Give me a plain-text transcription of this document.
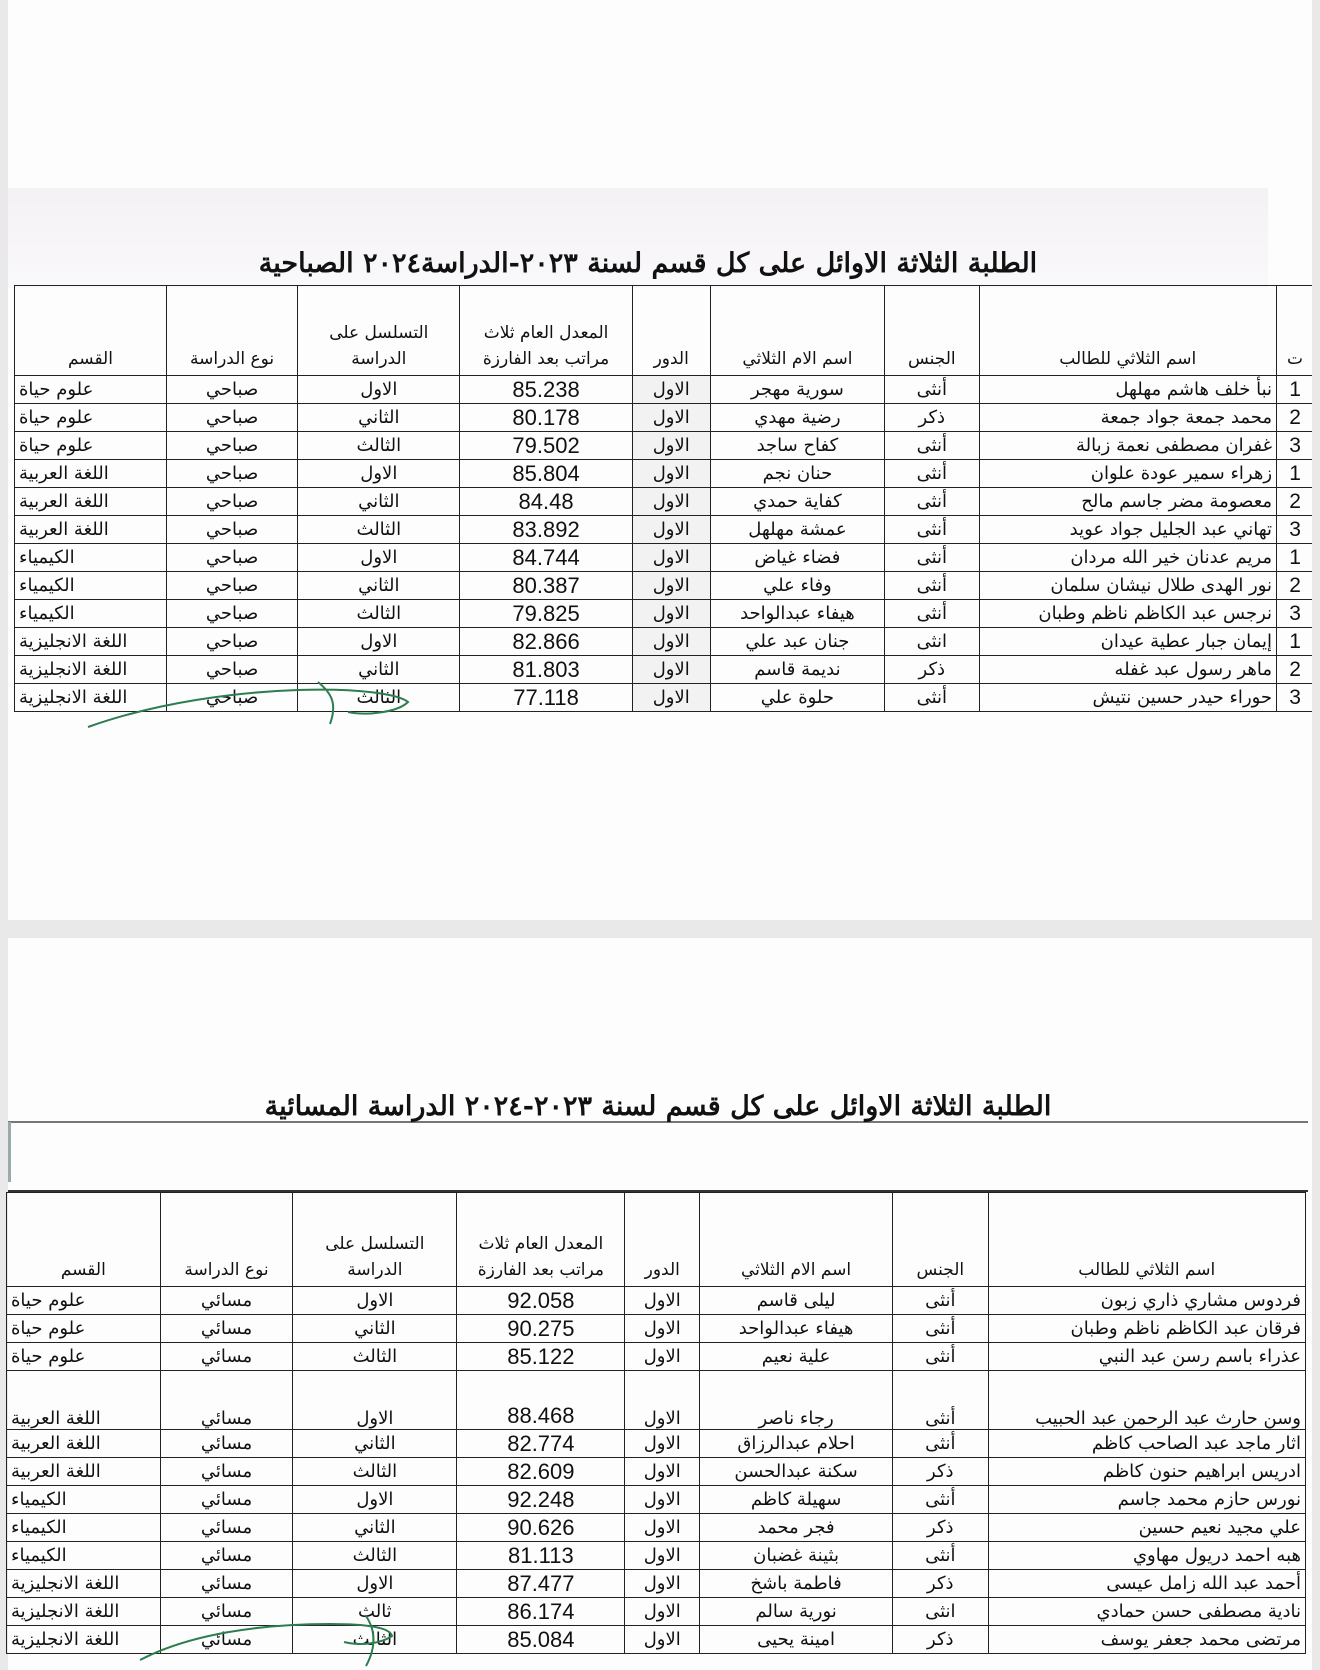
الطلبة الثلاثة الاوائل على كل قسم لسنة ٢٠٢٣-الدراسة٢٠٢٤ الصباحية
ت	اسم الثلاثي للطالب	الجنس	اسم الام الثلاثي	الدور	المعدل العام ثلاث مراتب بعد الفارزة	التسلسل على الدراسة	نوع الدراسة	القسم
1	نبأ خلف هاشم مهلهل	أنثى	سورية مهجر	الاول	85.238	الاول	صباحي	علوم حياة
2	محمد جمعة جواد جمعة	ذكر	رضية مهدي	الاول	80.178	الثاني	صباحي	علوم حياة
3	غفران مصطفى نعمة زبالة	أنثى	كفاح ساجد	الاول	79.502	الثالث	صباحي	علوم حياة
1	زهراء سمير عودة علوان	أنثى	حنان نجم	الاول	85.804	الاول	صباحي	اللغة العربية
2	معصومة مضر جاسم مالح	أنثى	كفاية حمدي	الاول	84.48	الثاني	صباحي	اللغة العربية
3	تهاني عبد الجليل جواد عويد	أنثى	عمشة مهلهل	الاول	83.892	الثالث	صباحي	اللغة العربية
1	مريم عدنان خير الله مردان	أنثى	فضاء غياض	الاول	84.744	الاول	صباحي	الكيمياء
2	نور الهدى طلال نيشان سلمان	أنثى	وفاء علي	الاول	80.387	الثاني	صباحي	الكيمياء
3	نرجس عبد الكاظم ناظم وطبان	أنثى	هيفاء عبدالواحد	الاول	79.825	الثالث	صباحي	الكيمياء
1	إيمان جبار عطية عيدان	انثى	جنان عبد علي	الاول	82.866	الاول	صباحي	اللغة الانجليزية
2	ماهر رسول عبد غفله	ذكر	نديمة قاسم	الاول	81.803	الثاني	صباحي	اللغة الانجليزية
3	حوراء حيدر حسين نتيش	أنثى	حلوة علي	الاول	77.118	الثالث	صباحي	اللغة الانجليزية
الطلبة الثلاثة الاوائل على كل قسم لسنة ٢٠٢٣-٢٠٢٤ الدراسة المسائية
اسم الثلاثي للطالب	الجنس	اسم الام الثلاثي	الدور	المعدل العام ثلاث مراتب بعد الفارزة	التسلسل على الدراسة	نوع الدراسة	القسم
فردوس مشاري ذاري زبون	أنثى	ليلى قاسم	الاول	92.058	الاول	مسائي	علوم حياة
فرقان عبد الكاظم ناظم وطبان	أنثى	هيفاء عبدالواحد	الاول	90.275	الثاني	مسائي	علوم حياة
عذراء باسم رسن عبد النبي	أنثى	علية نعيم	الاول	85.122	الثالث	مسائي	علوم حياة
وسن حارث عبد الرحمن عبد الحبيب	أنثى	رجاء ناصر	الاول	88.468	الاول	مسائي	اللغة العربية
اثار ماجد عبد الصاحب كاظم	أنثى	احلام عبدالرزاق	الاول	82.774	الثاني	مسائي	اللغة العربية
ادريس ابراهيم حنون كاظم	ذكر	سكنة عبدالحسن	الاول	82.609	الثالث	مسائي	اللغة العربية
نورس حازم محمد جاسم	أنثى	سهيلة كاظم	الاول	92.248	الاول	مسائي	الكيمياء
علي مجيد نعيم حسين	ذكر	فجر محمد	الاول	90.626	الثاني	مسائي	الكيمياء
هبه احمد دريول مهاوي	أنثى	بثينة غضبان	الاول	81.113	الثالث	مسائي	الكيمياء
أحمد عبد الله زامل عيسى	ذكر	فاطمة باشخ	الاول	87.477	الاول	مسائي	اللغة الانجليزية
نادية مصطفى حسن حمادي	انثى	نورية سالم	الاول	86.174	ثالث	مسائي	اللغة الانجليزية
مرتضى محمد جعفر يوسف	ذكر	امينة يحيى	الاول	85.084	الثالث	مسائي	اللغة الانجليزية
